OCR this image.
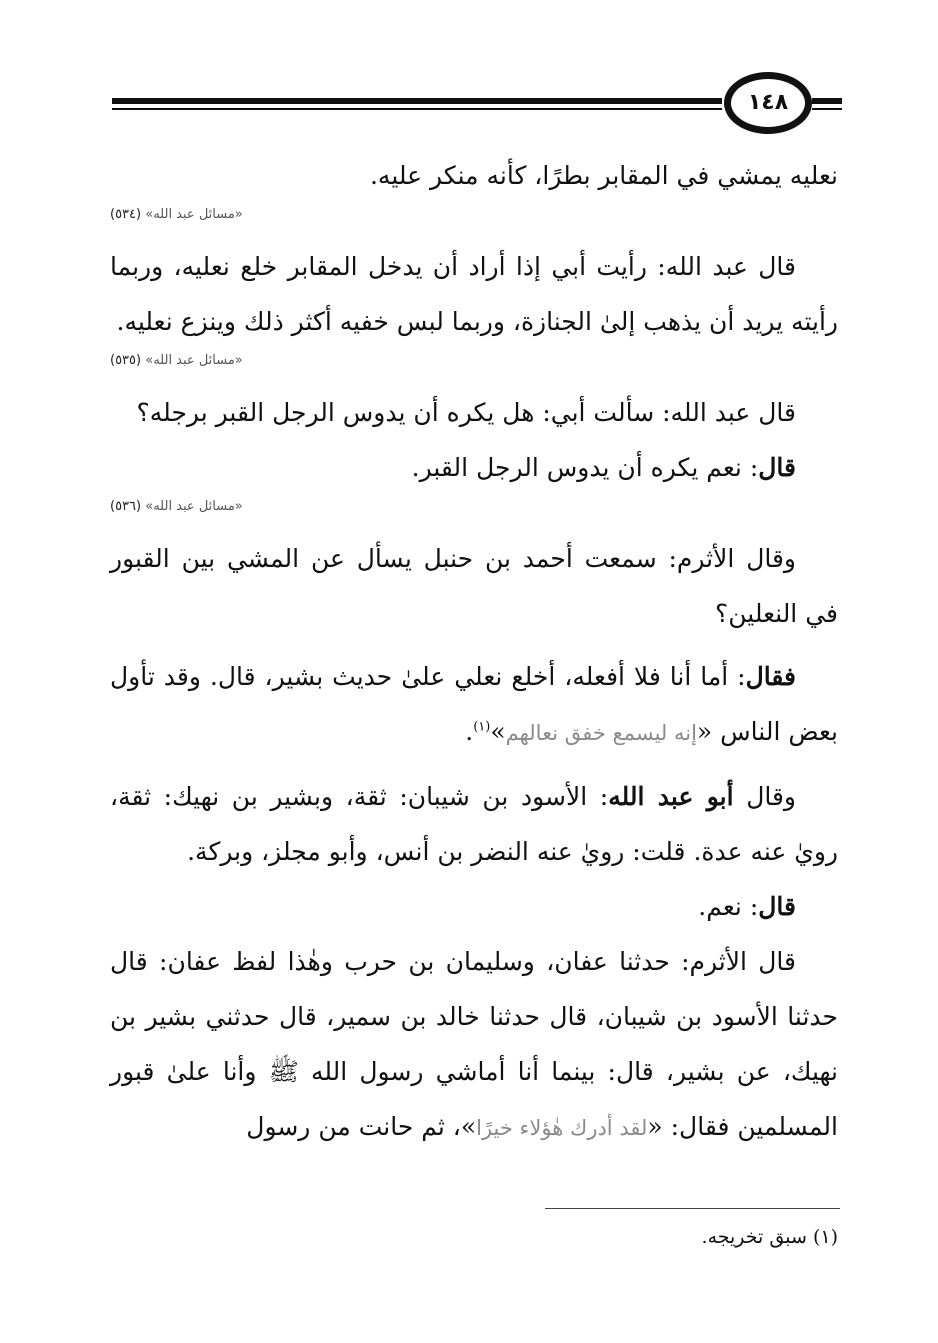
١٤٨

نعليه يمشي في المقابر بطرًا، كأنه منكر عليه.

«مسائل عبد الله» (٥٣٤)

قال عبد الله: رأيت أبي إذا أراد أن يدخل المقابر خلع نعليه، وربما رأيته يريد أن يذهب إلىٰ الجنازة، وربما لبس خفيه أكثر ذلك وينزع نعليه.

«مسائل عبد الله» (٥٣٥)

قال عبد الله: سألت أبي: هل يكره أن يدوس الرجل القبر برجله؟

قال: نعم يكره أن يدوس الرجل القبر.

«مسائل عبد الله» (٥٣٦)

وقال الأثرم: سمعت أحمد بن حنبل يسأل عن المشي بين القبور في النعلين؟

فقال: أما أنا فلا أفعله، أخلع نعلي علىٰ حديث بشير، قال. وقد تأول بعض الناس «إنه ليسمع خفق نعالهم»$^{(١)}$.

وقال أبو عبد الله: الأسود بن شيبان: ثقة، وبشير بن نهيك: ثقة، رويٰ عنه عدة. قلت: رويٰ عنه النضر بن أنس، وأبو مجلز، وبركة.

قال: نعم.

قال الأثرم: حدثنا عفان، وسليمان بن حرب وهٰذا لفظ عفان: قال حدثنا الأسود بن شيبان، قال حدثنا خالد بن سمير، قال حدثني بشير بن نهيك، عن بشير، قال: بينما أنا أماشي رسول الله ﷺ وأنا علىٰ قبور المسلمين فقال: «لقد أدرك هٰؤلاء خيرًا»، ثم حانت من رسول

(١) سبق تخريجه.
